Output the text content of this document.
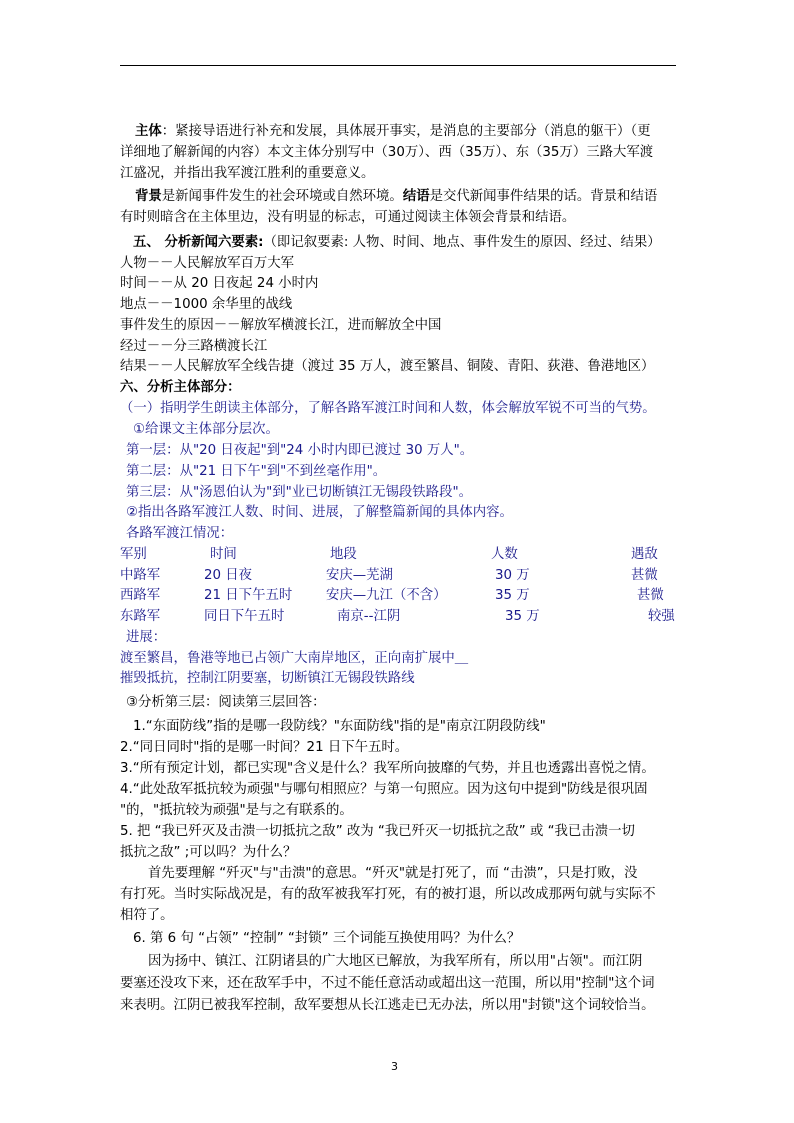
主体：紧接导语进行补充和发展，具体展开事实，是消息的主要部分（消息的躯干）（更
详细地了解新闻的内容）本文主体分别写中（30万）、西（35万）、东（35万）三路大军渡
江盛况，并指出我军渡江胜利的重要意义。
背景是新闻事件发生的社会环境或自然环境。结语是交代新闻事件结果的话。背景和结语
有时则暗含在主体里边，没有明显的标志，可通过阅读主体领会背景和结语。
五、 分析新闻六要素:（即记叙要素: 人物、时间、地点、事件发生的原因、经过、结果）
人物－－人民解放军百万大军
时间－－从 20 日夜起 24 小时内
地点－－1000 余华里的战线
事件发生的原因－－解放军横渡长江，进而解放全中国
经过－－分三路横渡长江
结果－－人民解放军全线告捷（渡过 35 万人，渡至繁昌、铜陵、青阳、荻港、鲁港地区）
六、分析主体部分：
（一）指明学生朗读主体部分，了解各路军渡江时间和人数，体会解放军锐不可当的气势。
①给课文主体部分层次。
第一层：从"20 日夜起"到"24 小时内即已渡过 30 万人"。
第二层：从"21 日下午"到"不到丝毫作用"。
第三层：从"汤恩伯认为"到"业已切断镇江无锡段铁路段"。
②指出各路军渡江人数、时间、进展，了解整篇新闻的具体内容。
各路军渡江情况：
军别	时间	地段	人数	遇敌
中路军	20 日夜	安庆—芜湖	30 万	甚微
西路军	21 日下午五时	安庆—九江（不含）	35 万	甚微
东路军	同日下午五时	南京--江阴	35 万	较强
进展：
渡至繁昌，鲁港等地已占领广大南岸地区，正向南扩展中＿
摧毁抵抗，控制江阴要塞，切断镇江无锡段铁路线
③分析第三层：阅读第三层回答：
1.“东面防线”指的是哪一段防线？"东面防线"指的是"南京江阴段防线"
2.“同日同时"指的是哪一时间？21 日下午五时。
3.“所有预定计划，都已实现"含义是什么？我军所向披靡的气势，并且也透露出喜悦之情。
4.“此处敌军抵抗较为顽强"与哪句相照应？与第一句照应。因为这句中提到"防线是很巩固
"的，"抵抗较为顽强"是与之有联系的。
5. 把 “我已歼灭及击溃一切抵抗之敌” 改为 “我已歼灭一切抵抗之敌” 或 “我已击溃一切
抵抗之敌” ;可以吗？为什么？
首先要理解 “歼灭"与"击溃"的意思。“歼灭"就是打死了，而 “击溃”，只是打败，没
有打死。当时实际战况是，有的敌军被我军打死，有的被打退，所以改成那两句就与实际不
相符了。
6. 第 6 句 “占领” “控制” “封锁” 三个词能互换使用吗？为什么？
因为扬中、镇江、江阴诸县的广大地区已解放，为我军所有，所以用"占领"。而江阴
要塞还没攻下来，还在敌军手中，不过不能任意活动或超出这一范围，所以用"控制"这个词
来表明。江阴已被我军控制，敌军要想从长江逃走已无办法，所以用"封锁"这个词较恰当。
3
